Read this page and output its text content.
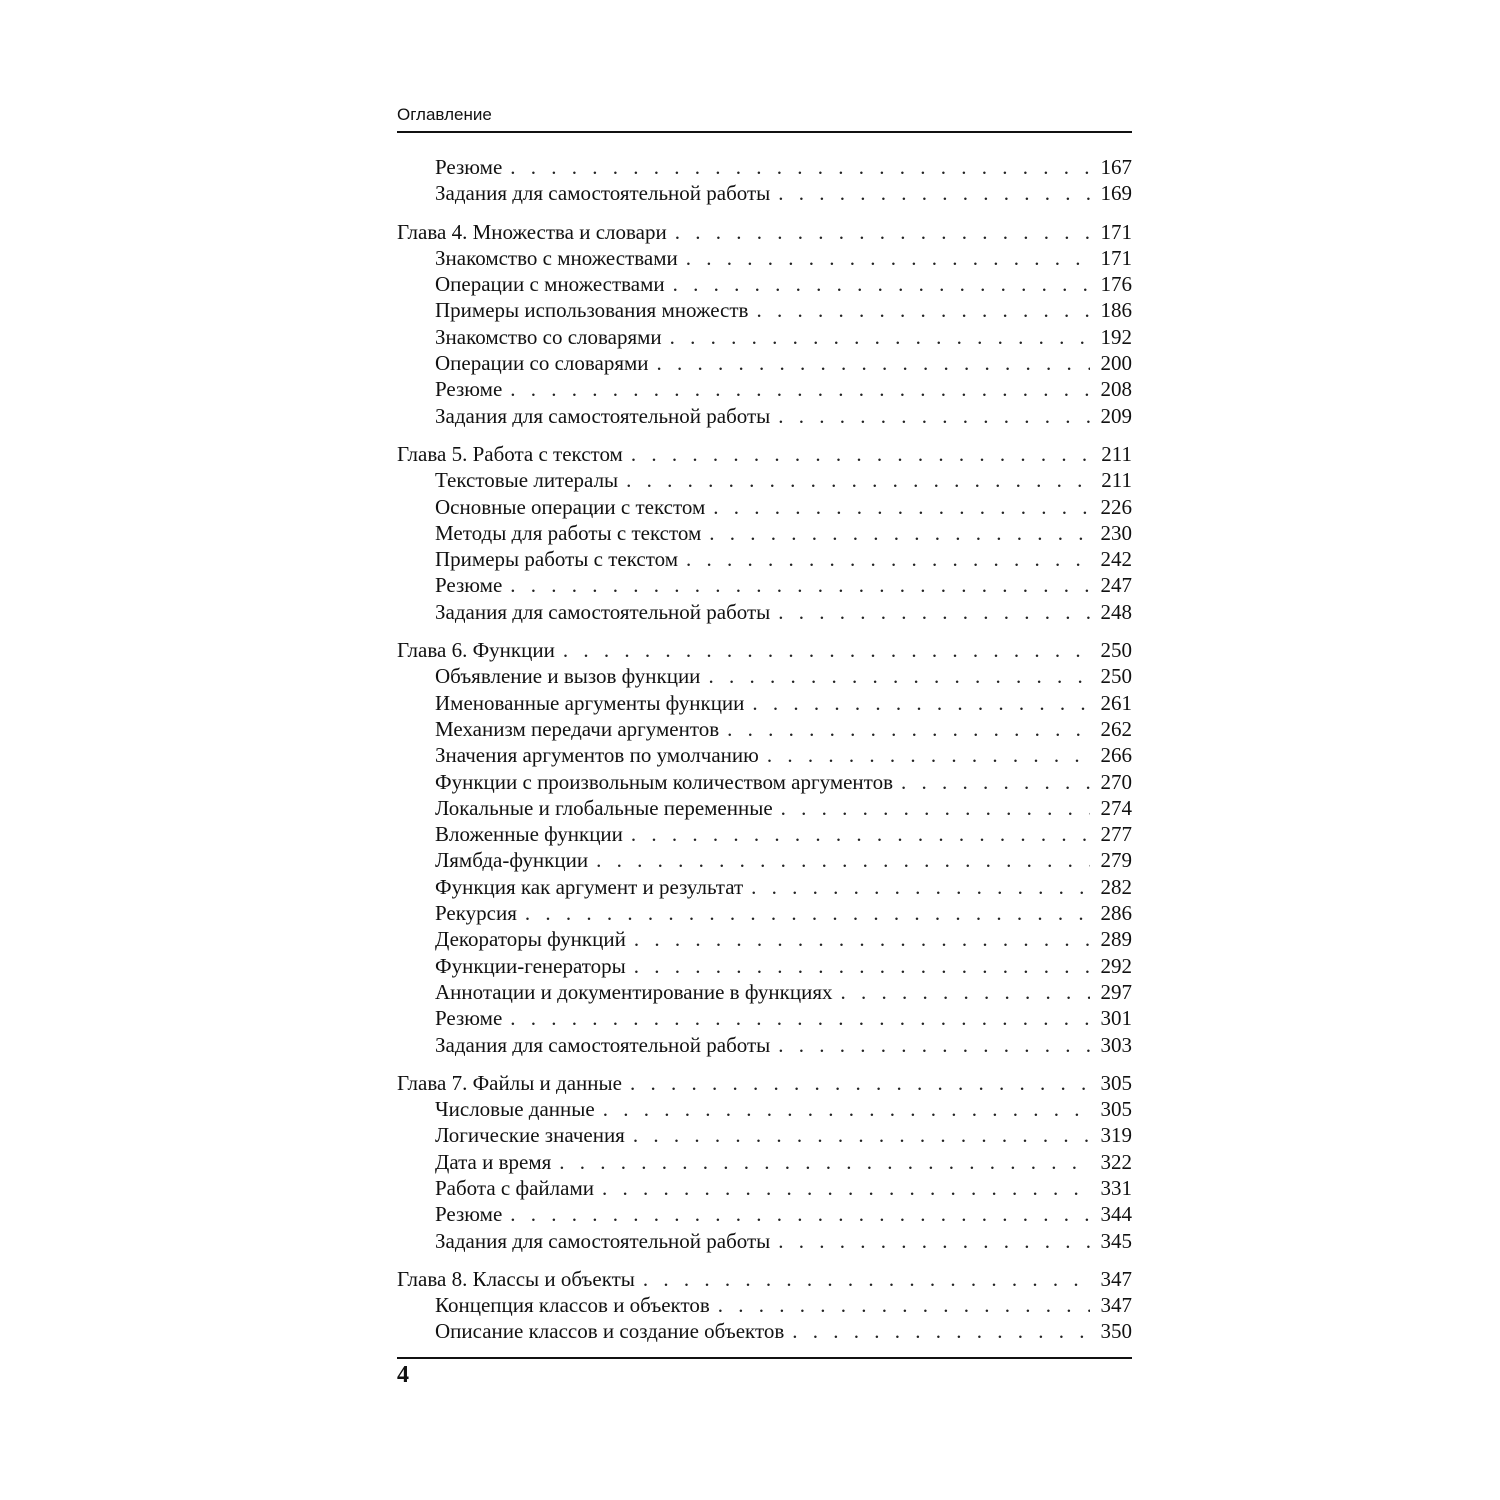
Оглавление
Резюме . . .	167
Задания для самостоятельной работы . . .	169
Глава 4. Множества и словари . . .	171
Знакомство с множествами . . .	171
Операции с множествами . . .	176
Примеры использования множеств . . .	186
Знакомство со словарями . . .	192
Операции со словарями . . .	200
Резюме . . .	208
Задания для самостоятельной работы . . .	209
Глава 5. Работа с текстом . . .	211
Текстовые литералы . . .	211
Основные операции с текстом . . .	226
Методы для работы с текстом . . .	230
Примеры работы с текстом . . .	242
Резюме . . .	247
Задания для самостоятельной работы . . .	248
Глава 6. Функции . . .	250
Объявление и вызов функции . . .	250
Именованные аргументы функции . . .	261
Механизм передачи аргументов . . .	262
Значения аргументов по умолчанию . . .	266
Функции с произвольным количеством аргументов . . .	270
Локальные и глобальные переменные . . .	274
Вложенные функции . . .	277
Лямбда-функции . . .	279
Функция как аргумент и результат . . .	282
Рекурсия . . .	286
Декораторы функций . . .	289
Функции-генераторы . . .	292
Аннотации и документирование в функциях . . .	297
Резюме . . .	301
Задания для самостоятельной работы . . .	303
Глава 7. Файлы и данные . . .	305
Числовые данные . . .	305
Логические значения . . .	319
Дата и время . . .	322
Работа с файлами . . .	331
Резюме . . .	344
Задания для самостоятельной работы . . .	345
Глава 8. Классы и объекты . . .	347
Концепция классов и объектов . . .	347
Описание классов и создание объектов . . .	350
4
